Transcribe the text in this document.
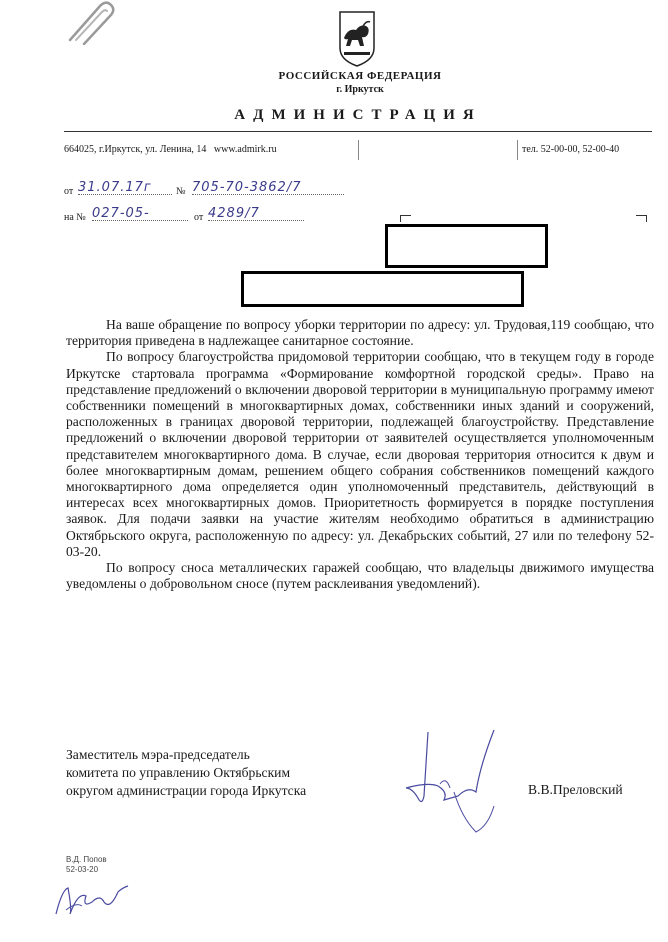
РОССИЙСКАЯ ФЕДЕРАЦИЯ
г. Иркутск
АДМИНИСТРАЦИЯ
664025, г.Иркутск, ул. Ленина, 14 www.admirk.ru	тел. 52-00-00, 52-00-40
от 31.07.17г	№ 705-70-3862/7
на № 027-05-	от 4289/7

На ваше обращение по вопросу уборки территории по адресу: ул. Трудовая,119 сообщаю, что территория приведена в надлежащее санитарное состояние.

По вопросу благоустройства придомовой территории сообщаю, что в текущем году в городе Иркутске стартовала программа «Формирование комфортной городской среды». Право на представление предложений о включении дворовой территории в муниципальную программу имеют собственники помещений в многоквартирных домах, собственники иных зданий и сооружений, расположенных в границах дворовой территории, подлежащей благоустройству. Представление предложений о включении дворовой территории от заявителей осуществляется уполномоченным представителем многоквартирного дома. В случае, если дворовая территория относится к двум и более многоквартирным домам, решением общего собрания собственников помещений каждого многоквартирного дома определяется один уполномоченный представитель, действующий в интересах всех многоквартирных домов. Приоритетность формируется в порядке поступления заявок. Для подачи заявки на участие жителям необходимо обратиться в администрацию Октябрьского округа, расположенную по адресу: ул. Декабрьских событий, 27 или по телефону 52-03-20.

По вопросу сноса металлических гаражей сообщаю, что владельцы движимого имущества уведомлены о добровольном сносе (путем расклеивания уведомлений).

Заместитель мэра-председатель
комитета по управлению Октябрьским
округом администрации города Иркутска	В.В.Преловский
В.Д. Попов
52-03-20
